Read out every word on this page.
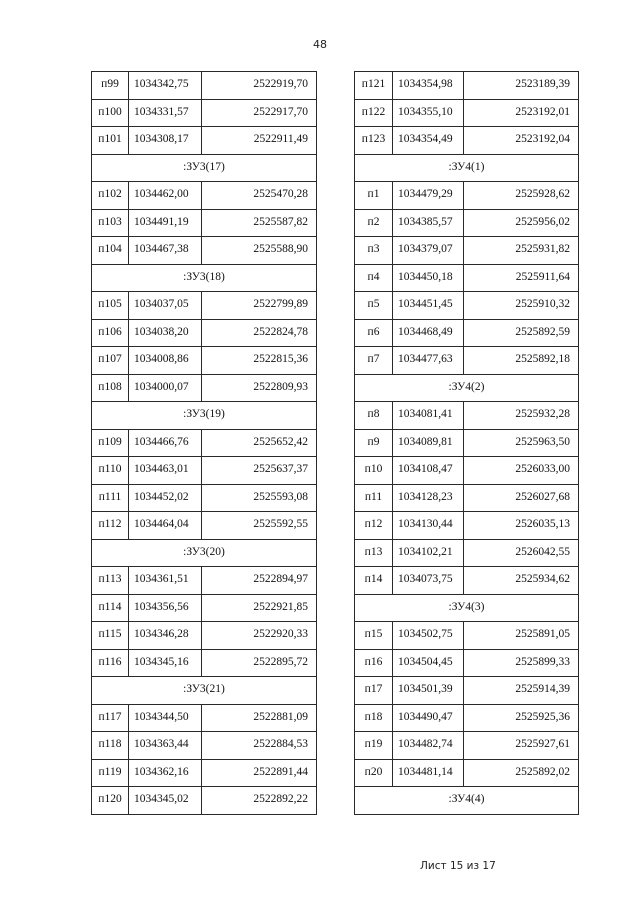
48
п99	1034342,75	2522919,70
п100	1034331,57	2522917,70
п101	1034308,17	2522911,49
:ЗУ3(17)		
п102	1034462,00	2525470,28
п103	1034491,19	2525587,82
п104	1034467,38	2525588,90
:ЗУ3(18)		
п105	1034037,05	2522799,89
п106	1034038,20	2522824,78
п107	1034008,86	2522815,36
п108	1034000,07	2522809,93
:ЗУ3(19)		
п109	1034466,76	2525652,42
п110	1034463,01	2525637,37
п111	1034452,02	2525593,08
п112	1034464,04	2525592,55
:ЗУ3(20)		
п113	1034361,51	2522894,97
п114	1034356,56	2522921,85
п115	1034346,28	2522920,33
п116	1034345,16	2522895,72
:ЗУ3(21)		
п117	1034344,50	2522881,09
п118	1034363,44	2522884,53
п119	1034362,16	2522891,44
п120	1034345,02	2522892,22
п121	1034354,98	2523189,39
п122	1034355,10	2523192,01
п123	1034354,49	2523192,04
:ЗУ4(1)		
п1	1034479,29	2525928,62
п2	1034385,57	2525956,02
п3	1034379,07	2525931,82
п4	1034450,18	2525911,64
п5	1034451,45	2525910,32
п6	1034468,49	2525892,59
п7	1034477,63	2525892,18
:ЗУ4(2)		
п8	1034081,41	2525932,28
п9	1034089,81	2525963,50
п10	1034108,47	2526033,00
п11	1034128,23	2526027,68
п12	1034130,44	2526035,13
п13	1034102,21	2526042,55
п14	1034073,75	2525934,62
:ЗУ4(3)		
п15	1034502,75	2525891,05
п16	1034504,45	2525899,33
п17	1034501,39	2525914,39
п18	1034490,47	2525925,36
п19	1034482,74	2525927,61
п20	1034481,14	2525892,02
:ЗУ4(4)		
Лист 15 из 17
